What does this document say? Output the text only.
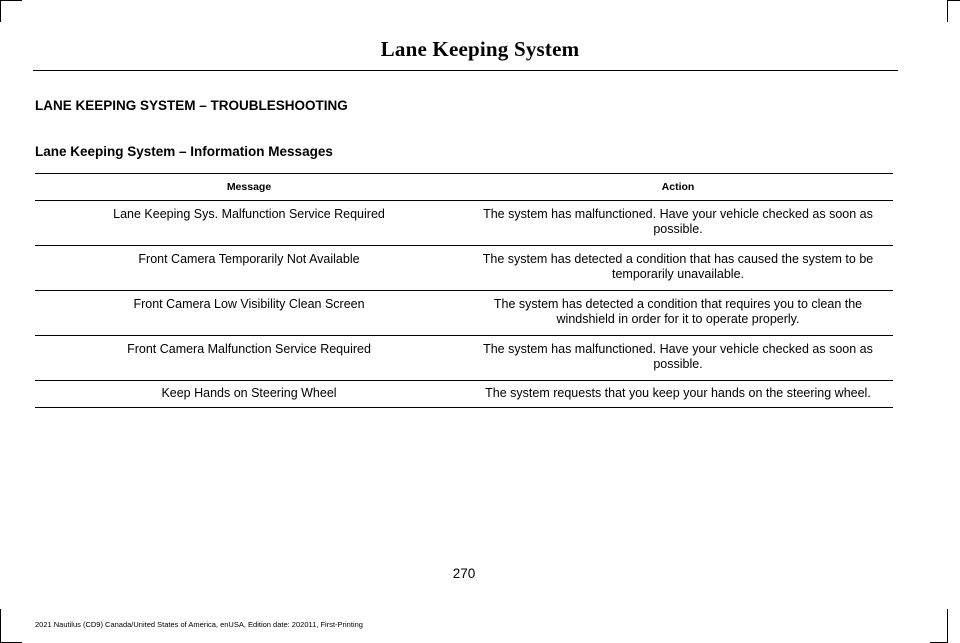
Lane Keeping System
LANE KEEPING SYSTEM – TROUBLESHOOTING
Lane Keeping System – Information Messages
Message	Action
Lane Keeping Sys. Malfunction Service Required	The system has malfunctioned. Have your vehicle checked as soon as possible.
Front Camera Temporarily Not Available	The system has detected a condition that has caused the system to be temporarily unavailable.
Front Camera Low Visibility Clean Screen	The system has detected a condition that requires you to clean the windshield in order for it to operate properly.
Front Camera Malfunction Service Required	The system has malfunctioned. Have your vehicle checked as soon as possible.
Keep Hands on Steering Wheel	The system requests that you keep your hands on the steering wheel.
270
2021 Nautilus (CD9) Canada/United States of America, enUSA, Edition date: 202011, First-Printing
